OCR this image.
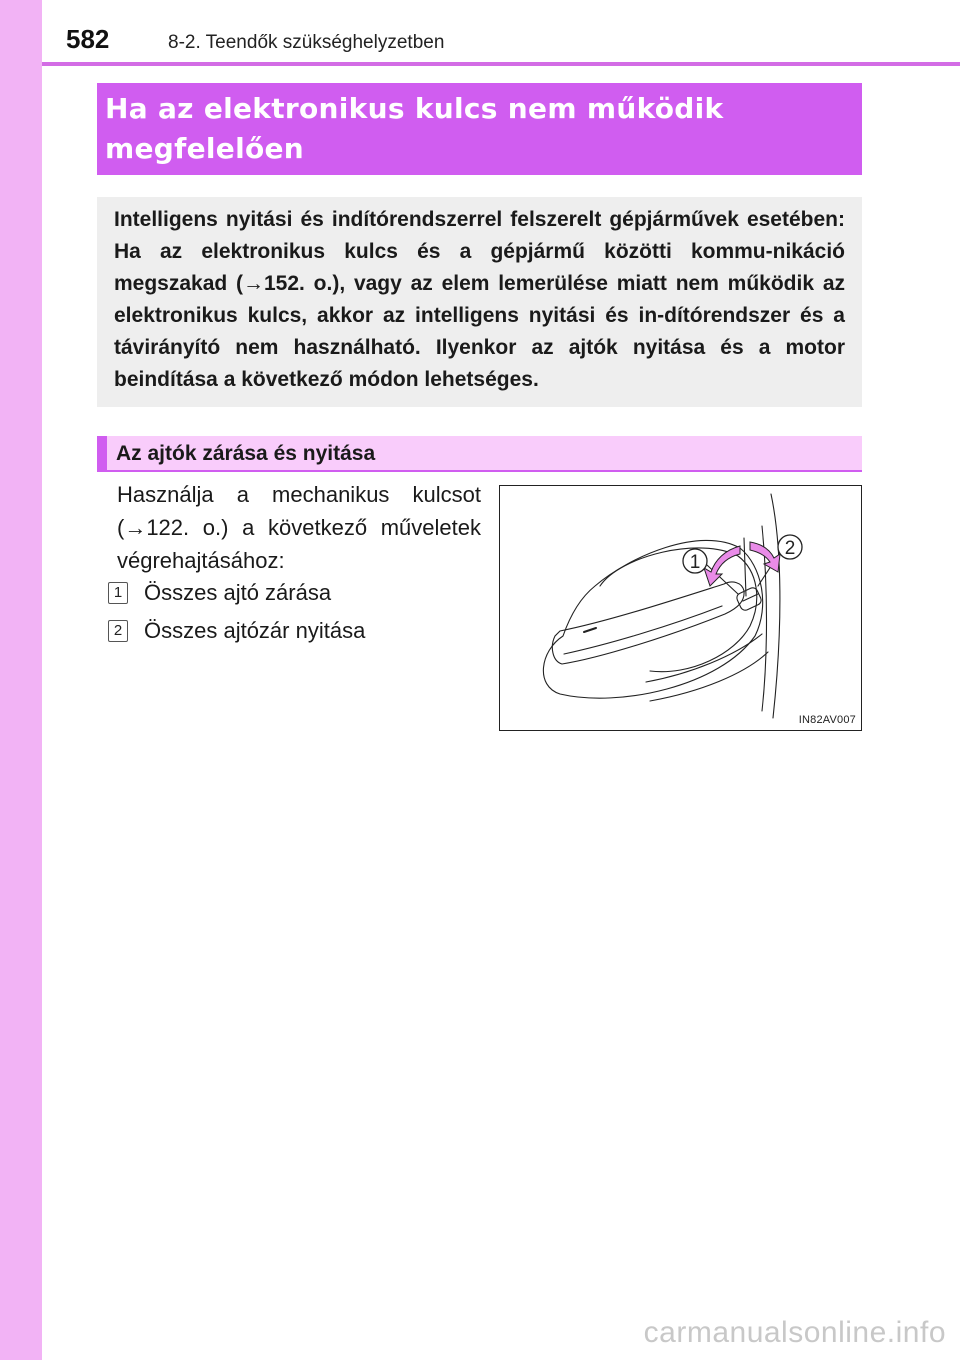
582	8-2. Teendők szükséghelyzetben
Ha az elektronikus kulcs nem működik
megfelelően

Intelligens nyitási és indítórendszerrel felszerelt gépjárművek esetében: Ha az elektronikus kulcs és a gépjármű közötti kommu-nikáció megszakad (→152. o.), vagy az elem lemerülése miatt nem működik az elektronikus kulcs, akkor az intelligens nyitási és in-dítórendszer és a távirányító nem használható. Ilyenkor az ajtók nyitása és a motor beindítása a következő módon lehetséges.

Az ajtók zárása és nyitása

Használja a mechanikus kulcsot (→122. o.) a következő műveletek végrehajtásához:

1 Összes ajtó zárása
2 Összes ajtózár nyitása
1
2
IN82AV007
carmanualsonline.info
